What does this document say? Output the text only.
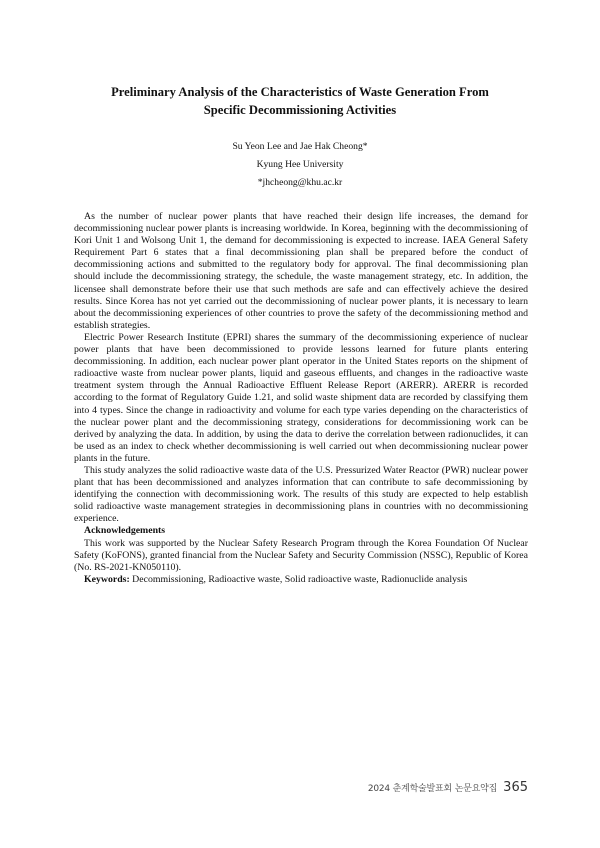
Preliminary Analysis of the Characteristics of Waste Generation From
Specific Decommissioning Activities

Su Yeon Lee and Jae Hak Cheong*

Kyung Hee University

*jhcheong@khu.ac.kr

As the number of nuclear power plants that have reached their design life increases, the demand for decommissioning nuclear power plants is increasing worldwide. In Korea, beginning with the decommissioning of Kori Unit 1 and Wolsong Unit 1, the demand for decommissioning is expected to increase. IAEA General Safety Requirement Part 6 states that a final decommissioning plan shall be prepared before the conduct of decommissioning actions and submitted to the regulatory body for approval. The final decommissioning plan should include the decommissioning strategy, the schedule, the waste management strategy, etc. In addition, the licensee shall demonstrate before their use that such methods are safe and can effectively achieve the desired results. Since Korea has not yet carried out the decommissioning of nuclear power plants, it is necessary to learn about the decommissioning experiences of other countries to prove the safety of the decommissioning method and establish strategies.

Electric Power Research Institute (EPRI) shares the summary of the decommissioning experience of nuclear power plants that have been decommissioned to provide lessons learned for future plants entering decommissioning. In addition, each nuclear power plant operator in the United States reports on the shipment of radioactive waste from nuclear power plants, liquid and gaseous effluents, and changes in the radioactive waste treatment system through the Annual Radioactive Effluent Release Report (ARERR). ARERR is recorded according to the format of Regulatory Guide 1.21, and solid waste shipment data are recorded by classifying them into 4 types. Since the change in radioactivity and volume for each type varies depending on the characteristics of the nuclear power plant and the decommissioning strategy, considerations for decommissioning work can be derived by analyzing the data. In addition, by using the data to derive the correlation between radionuclides, it can be used as an index to check whether decommissioning is well carried out when decommissioning nuclear power plants in the future.

This study analyzes the solid radioactive waste data of the U.S. Pressurized Water Reactor (PWR) nuclear power plant that has been decommissioned and analyzes information that can contribute to safe decommissioning by identifying the connection with decommissioning work. The results of this study are expected to help establish solid radioactive waste management strategies in decommissioning plans in countries with no decommissioning experience.

Acknowledgements

This work was supported by the Nuclear Safety Research Program through the Korea Foundation Of Nuclear Safety (KoFONS), granted financial from the Nuclear Safety and Security Commission (NSSC), Republic of Korea (No. RS-2021-KN050110).

Keywords: Decommissioning, Radioactive waste, Solid radioactive waste, Radionuclide analysis

2024 춘계학술발표회 논문요약집 365
